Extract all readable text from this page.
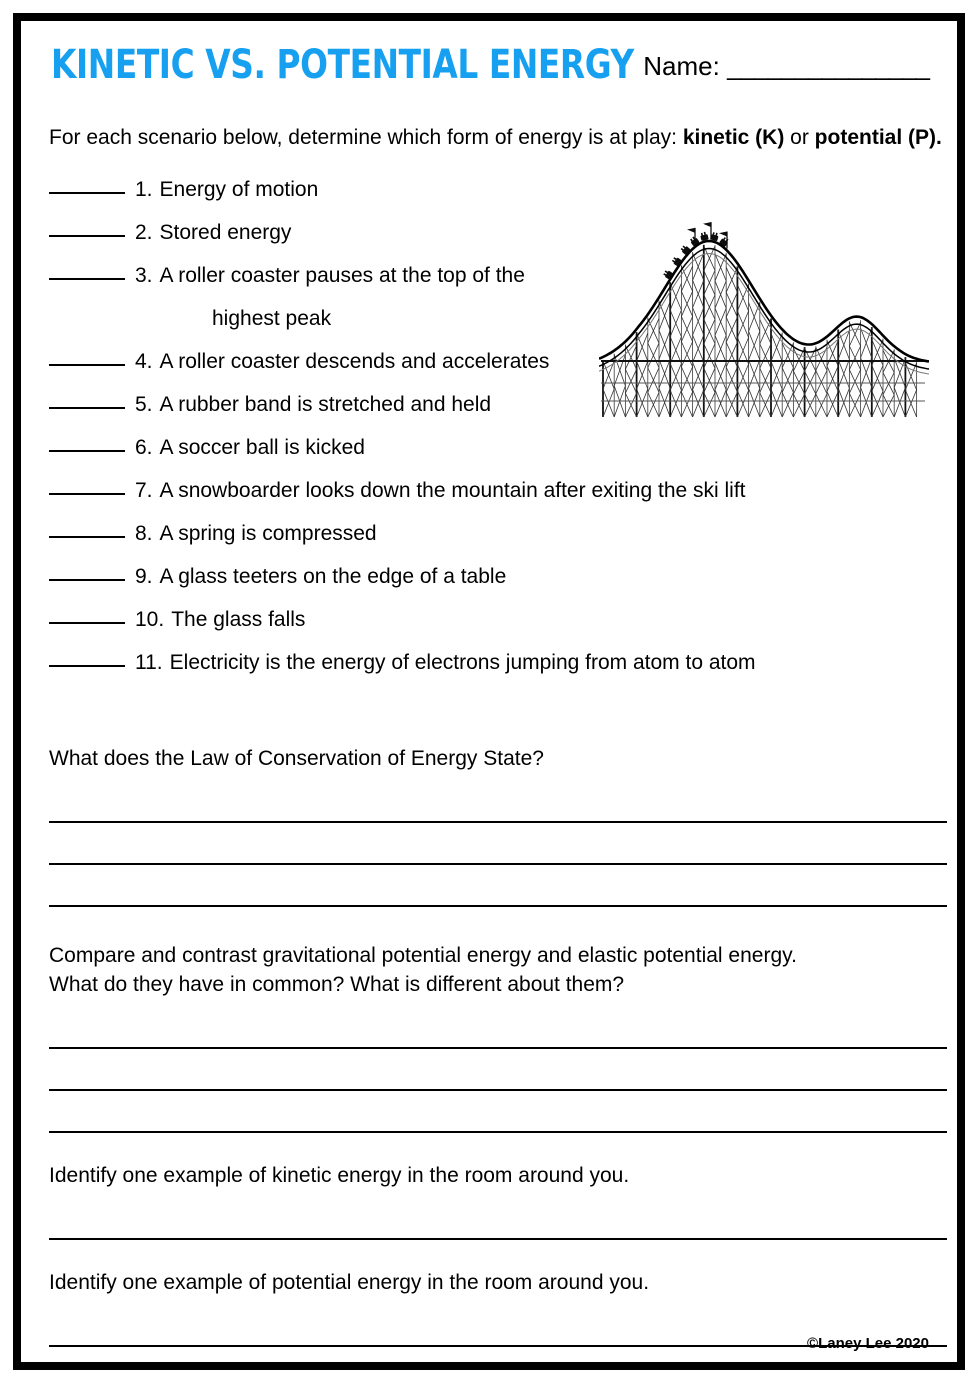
KINETIC VS. POTENTIAL ENERGY Name: _______________
For each scenario below, determine which form of energy is at play: kinetic (K) or potential (P).
1. Energy of motion
2. Stored energy
3. A roller coaster pauses at the top of the
highest peak
4. A roller coaster descends and accelerates
5. A rubber band is stretched and held
6. A soccer ball is kicked
7. A snowboarder looks down the mountain after exiting the ski lift
8. A spring is compressed
9. A glass teeters on the edge of a table
10. The glass falls
11. Electricity is the energy of electrons jumping from atom to atom
What does the Law of Conservation of Energy State?
Compare and contrast gravitational potential energy and elastic potential energy.
What do they have in common? What is different about them?
Identify one example of kinetic energy in the room around you.
Identify one example of potential energy in the room around you.
©Laney Lee 2020
